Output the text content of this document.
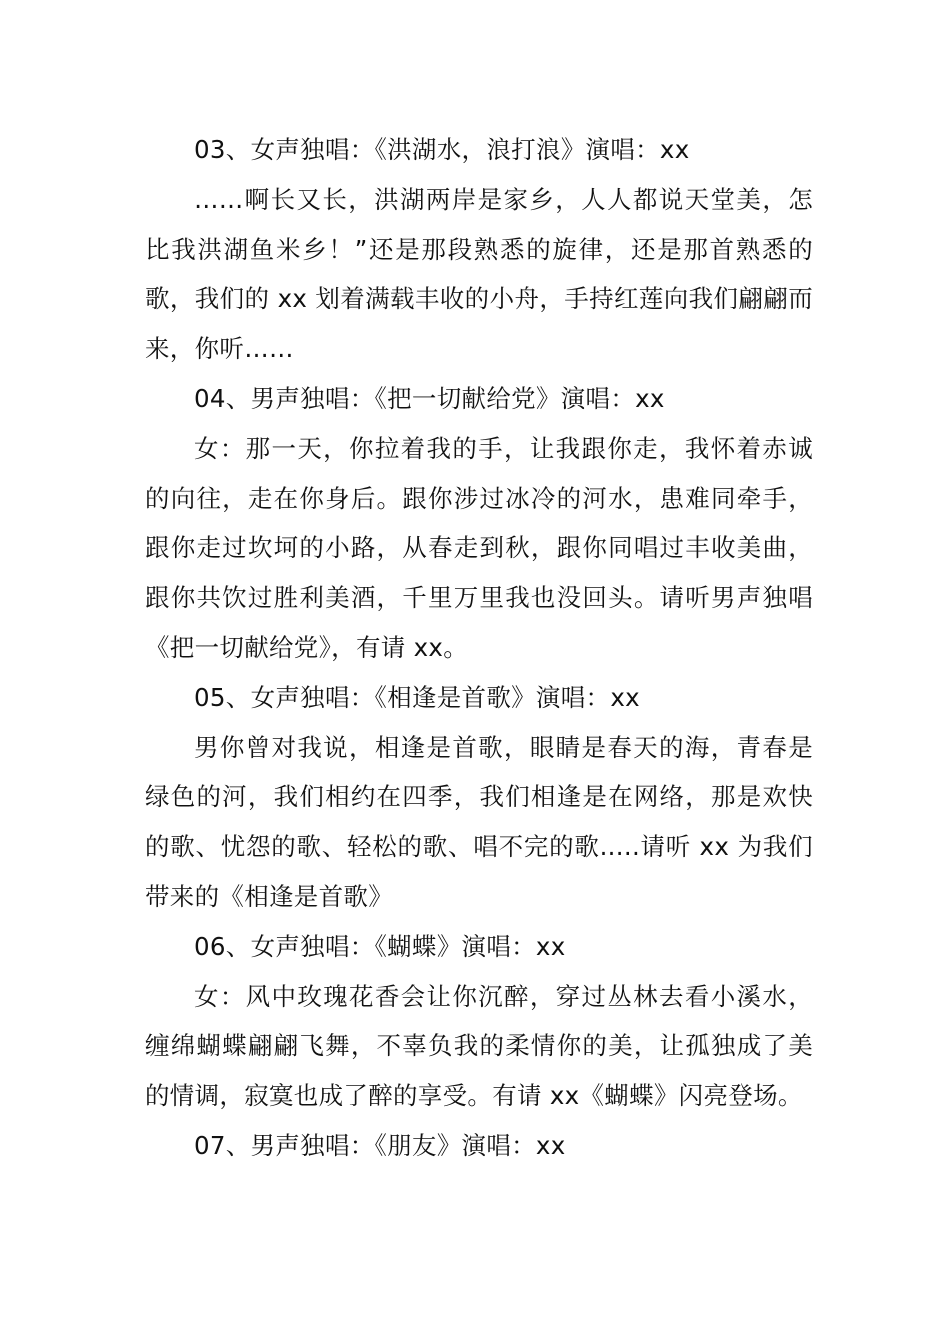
03、女声独唱：《洪湖水，浪打浪》演唱：xx

……啊长又长，洪湖两岸是家乡，人人都说天堂美，怎比我洪湖鱼米乡！”还是那段熟悉的旋律，还是那首熟悉的歌，我们的 xx 划着满载丰收的小舟，手持红莲向我们翩翩而来，你听……

04、男声独唱：《把一切献给党》演唱：xx

女：那一天，你拉着我的手，让我跟你走，我怀着赤诚的向往，走在你身后。跟你涉过冰冷的河水，患难同牵手，跟你走过坎坷的小路，从春走到秋，跟你同唱过丰收美曲，跟你共饮过胜利美酒，千里万里我也没回头。请听男声独唱《把一切献给党》，有请 xx。

05、女声独唱：《相逢是首歌》演唱：xx

男你曾对我说，相逢是首歌，眼睛是春天的海，青春是绿色的河，我们相约在四季，我们相逢是在网络，那是欢快的歌、忧怨的歌、轻松的歌、唱不完的歌.....请听 xx 为我们带来的《相逢是首歌》

06、女声独唱：《蝴蝶》演唱：xx

女：风中玫瑰花香会让你沉醉，穿过丛林去看小溪水，缠绵蝴蝶翩翩飞舞，不辜负我的柔情你的美，让孤独成了美的情调，寂寞也成了醉的享受。有请 xx《蝴蝶》闪亮登场。

07、男声独唱：《朋友》演唱：xx
